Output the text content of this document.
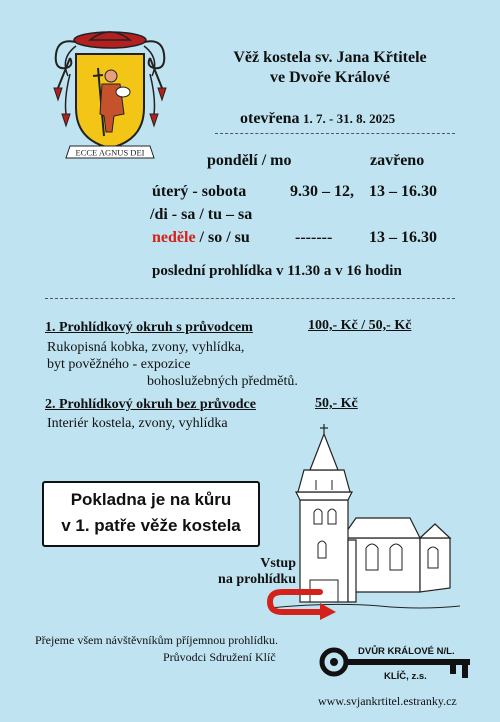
ECCE AGNUS DEI
Věž kostela sv. Jana Křtitele
ve Dvoře Králové
otevřena 1. 7. - 31. 8. 2025
pondělí / mo	zavřeno
úterý - sobota	9.30 – 12, 13 – 16.30
/di - sa / tu – sa
neděle / so / su	------- 13 – 16.30
poslední prohlídka v 11.30 a v 16 hodin
1. Prohlídkový okruh s průvodcem	100,- Kč / 50,- Kč
Rukopisná kobka, zvony, vyhlídka,
byt pověžného - expozice
bohoslužebných předmětů.
2. Prohlídkový okruh bez průvodce	50,- Kč
Interiér kostela, zvony, vyhlídka
Pokladna je na kůru
v 1. patře věže kostela
Vstup
na prohlídku
Přejeme všem návštěvníkům příjemnou prohlídku.
Průvodci Sdružení Klíč	DVŮR KRÁLOVÉ N/L.
KLÍČ, z.s.
www.svjankrtitel.estranky.cz
